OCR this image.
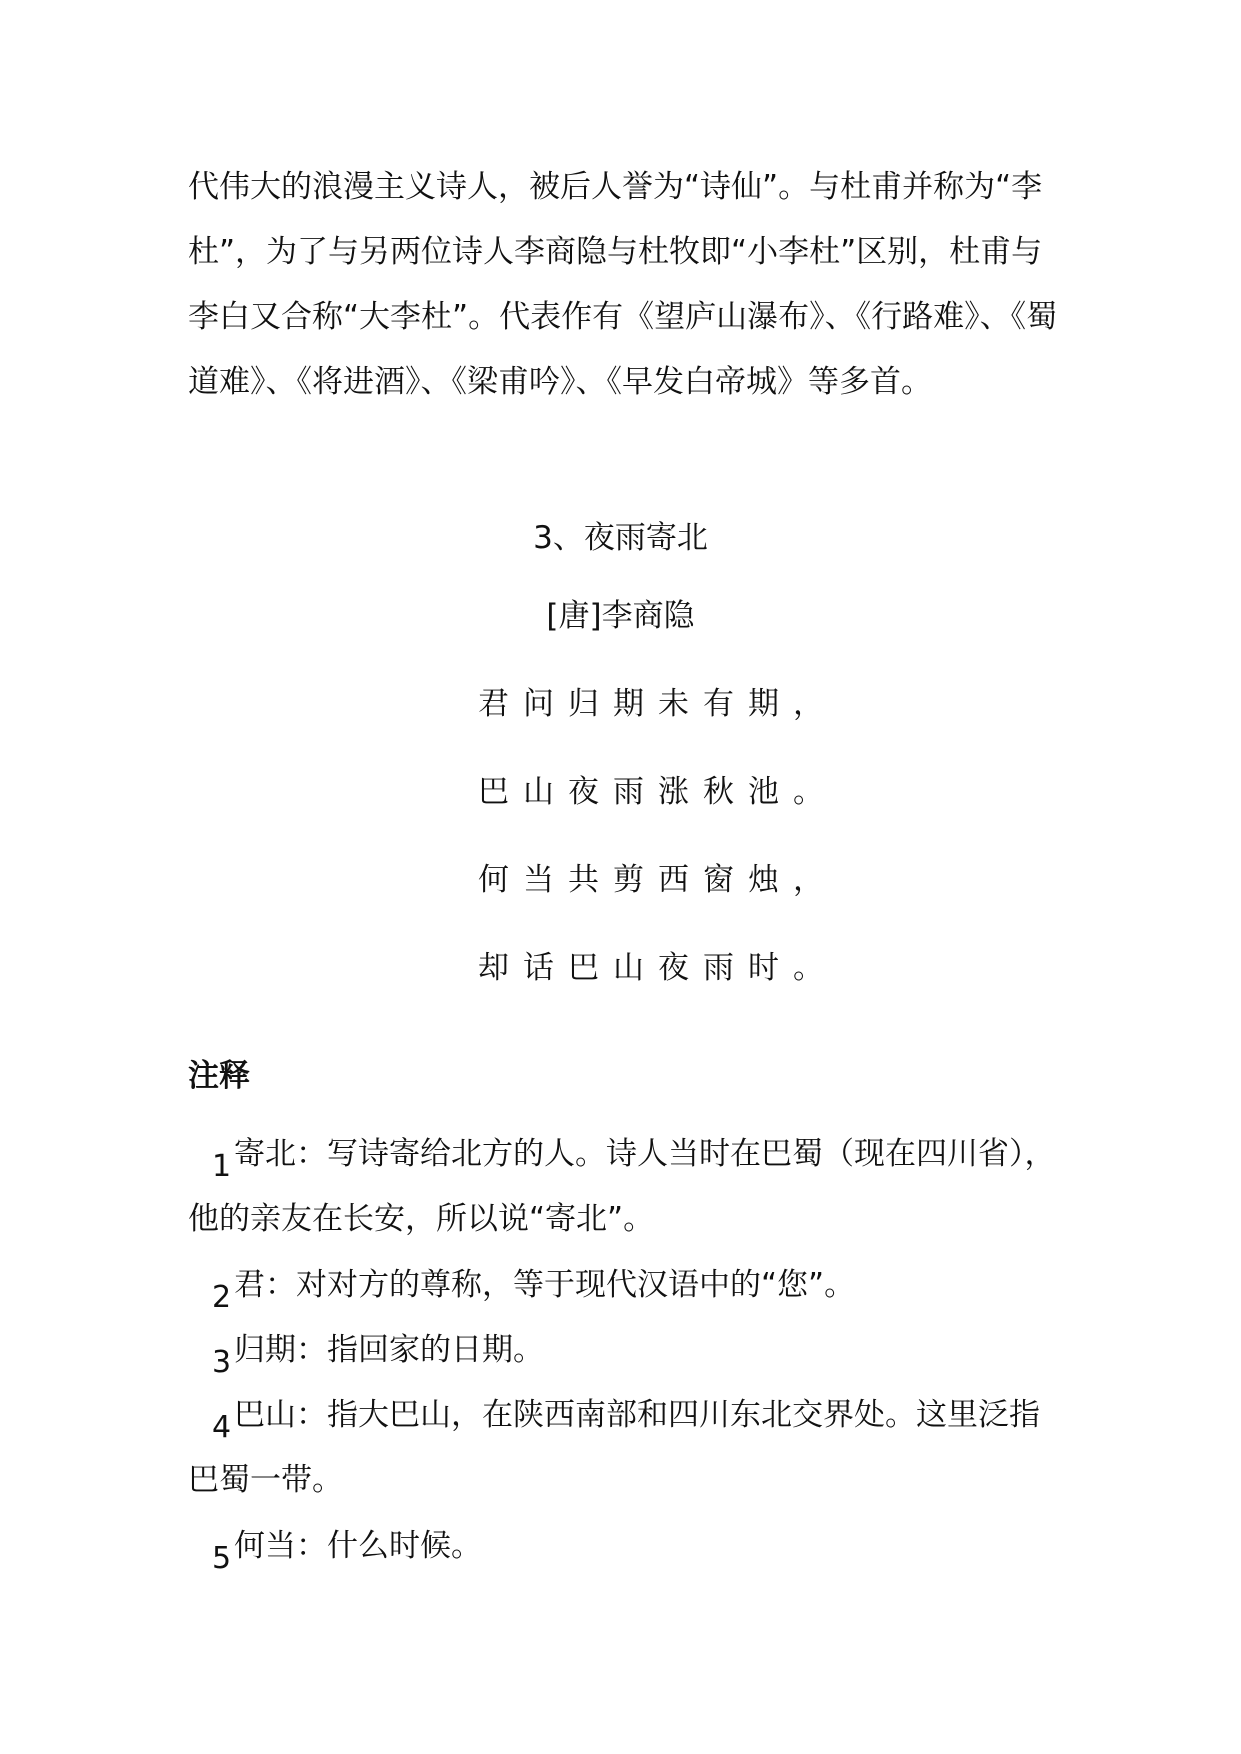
代伟大的浪漫主义诗人，被后人誉为“诗仙”。与杜甫并称为“李杜”，为了与另两位诗人李商隐与杜牧即“小李杜”区别，杜甫与李白又合称“大李杜”。代表作有《望庐山瀑布》、《行路难》、《蜀道难》、《将进酒》、《梁甫吟》、《早发白帝城》等多首。

3、夜雨寄北

[唐]李商隐

君问归期未有期，

巴山夜雨涨秋池。

何当共剪西窗烛，

却话巴山夜雨时。

注释

1寄北：写诗寄给北方的人。诗人当时在巴蜀（现在四川省），他的亲友在长安，所以说“寄北”。

2君：对对方的尊称，等于现代汉语中的“您”。

3归期：指回家的日期。

4巴山：指大巴山，在陕西南部和四川东北交界处。这里泛指巴蜀一带。

5何当：什么时候。
